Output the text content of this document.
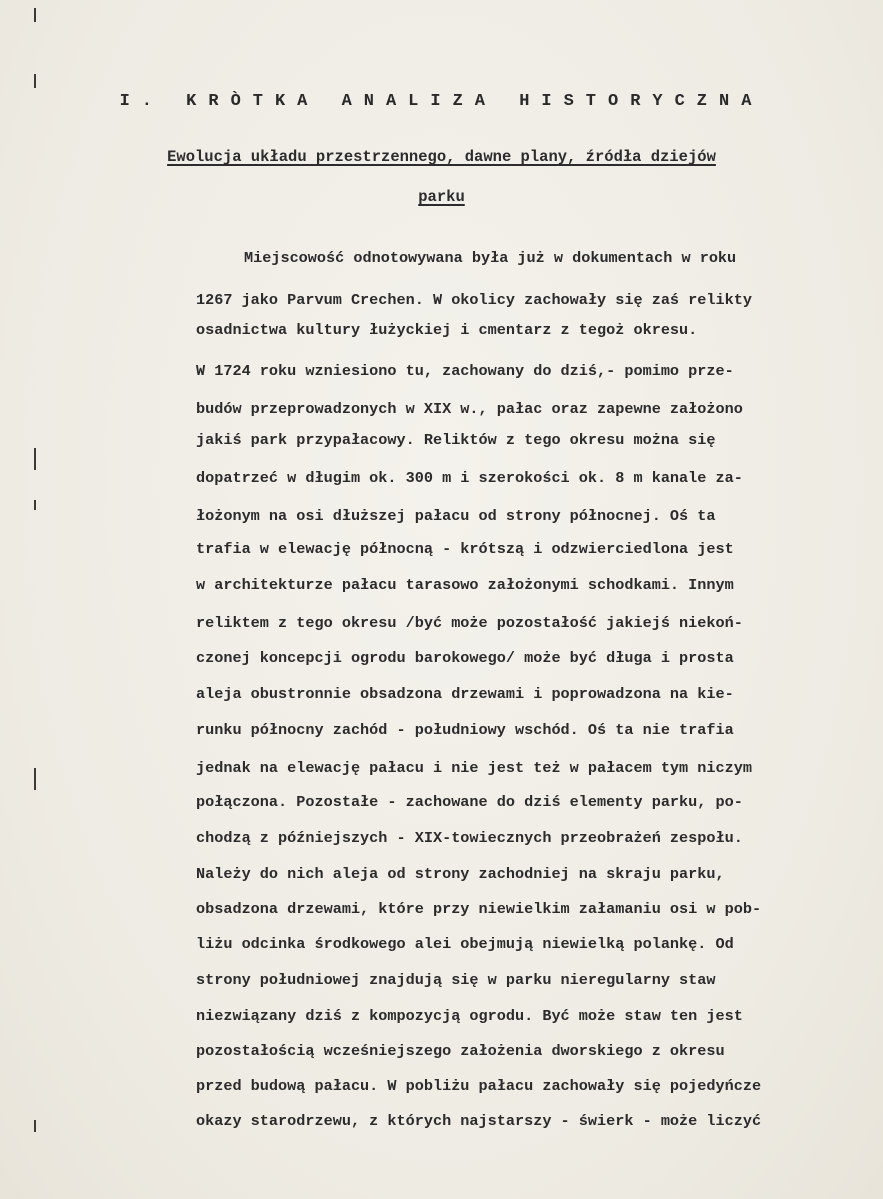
I. KRÒTKA ANALIZA HISTORYCZNA
Ewolucja układu przestrzennego, dawne plany, źródła dziejów
parku
Miejscowość odnotowywana była już w dokumentach w roku
1267 jako Parvum Crechen. W okolicy zachowały się zaś relikty
osadnictwa kultury łużyckiej i cmentarz z tegoż okresu.
W 1724 roku wzniesiono tu, zachowany do dziś,- pomimo prze-
budów przeprowadzonych w XIX w., pałac oraz zapewne założono
jakiś park przypałacowy. Reliktów z tego okresu można się
dopatrzeć w długim ok. 300 m i szerokości ok. 8 m kanale za-
łożonym na osi dłuższej pałacu od strony północnej. Oś ta
trafia w elewację północną - krótszą i odzwierciedlona jest
w architekturze pałacu tarasowo założonymi schodkami. Innym
reliktem z tego okresu /być może pozostałość jakiejś niekoń-
czonej koncepcji ogrodu barokowego/ może być długa i prosta
aleja obustronnie obsadzona drzewami i poprowadzona na kie-
runku północny zachód - południowy wschód. Oś ta nie trafia
jednak na elewację pałacu i nie jest też w pałacem tym niczym
połączona. Pozostałe - zachowane do dziś elementy parku, po-
chodzą z późniejszych - XIX-towiecznych przeobrażeń zespołu.
Należy do nich aleja od strony zachodniej na skraju parku,
obsadzona drzewami, które przy niewielkim załamaniu osi w pob-
liżu odcinka środkowego alei obejmują niewielką polankę. Od
strony południowej znajdują się w parku nieregularny staw
niezwiązany dziś z kompozycją ogrodu. Być może staw ten jest
pozostałością wcześniejszego założenia dworskiego z okresu
przed budową pałacu. W pobliżu pałacu zachowały się pojedyńcze
okazy starodrzewu, z których najstarszy - świerk - może liczyć
